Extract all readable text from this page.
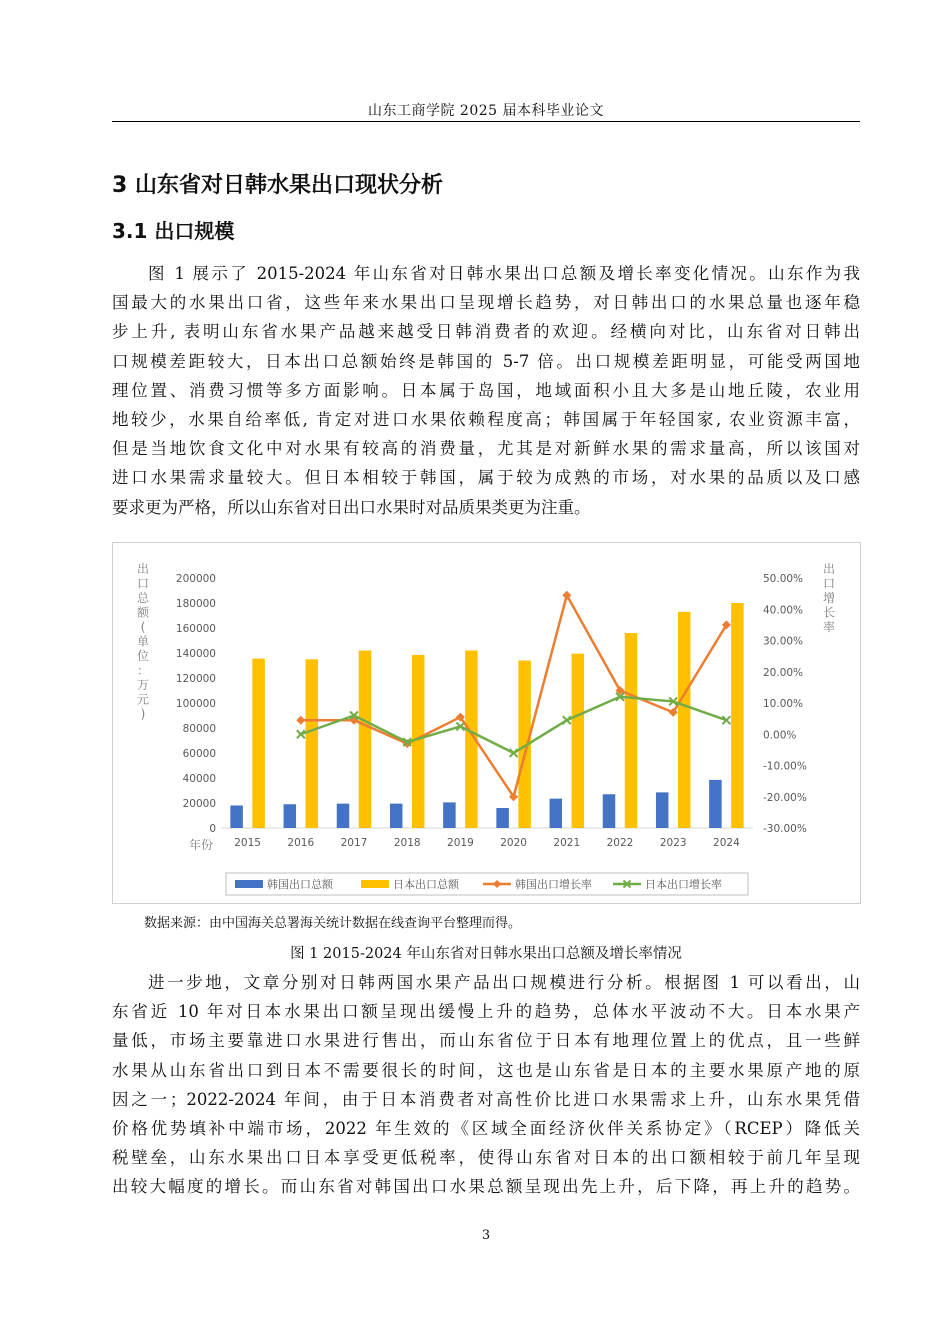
山东工商学院 2025 届本科毕业论文
3 山东省对日韩水果出口现状分析
3.1 出口规模
图 1 展示了 2015-2024 年山东省对日韩水果出口总额及增长率变化情况。山东作为我
国最大的水果出口省，这些年来水果出口呈现增长趋势，对日韩出口的水果总量也逐年稳
步上升, 表明山东省水果产品越来越受日韩消费者的欢迎。经横向对比，山东省对日韩出
口规模差距较大，日本出口总额始终是韩国的 5-7 倍。出口规模差距明显，可能受两国地
理位置、消费习惯等多方面影响。日本属于岛国，地域面积小且大多是山地丘陵，农业用
地较少，水果自给率低, 肯定对进口水果依赖程度高；韩国属于年轻国家, 农业资源丰富，
但是当地饮食文化中对水果有较高的消费量，尤其是对新鲜水果的需求量高，所以该国对
进口水果需求量较大。但日本相较于韩国，属于较为成熟的市场，对水果的品质以及口感
要求更为严格，所以山东省对日出口水果时对品质果类更为注重。
200000
180000
160000
140000
120000
100000
80000
60000
40000
20000
0
50.00%
40.00%
30.00%
20.00%
10.00%
0.00%
-10.00%
-20.00%
-30.00%
2015	2016	2017	2018	2019	2020	2021	2022	2023	2024
年份
出口总额(单位：万元)
出口增长率
韩国出口总额	日本出口总额	韩国出口增长率	日本出口增长率
数据来源：由中国海关总署海关统计数据在线查询平台整理而得。
图 1 2015-2024 年山东省对日韩水果出口总额及增长率情况
进一步地，文章分别对日韩两国水果产品出口规模进行分析。根据图 1 可以看出，山
东省近 10 年对日本水果出口额呈现出缓慢上升的趋势，总体水平波动不大。日本水果产
量低，市场主要靠进口水果进行售出，而山东省位于日本有地理位置上的优点，且一些鲜
水果从山东省出口到日本不需要很长的时间，这也是山东省是日本的主要水果原产地的原
因之一；2022-2024 年间，由于日本消费者对高性价比进口水果需求上升，山东水果凭借
价格优势填补中端市场，2022 年生效的《区域全面经济伙伴关系协定》（RCEP）降低关
税壁垒，山东水果出口日本享受更低税率，使得山东省对日本的出口额相较于前几年呈现
出较大幅度的增长。而山东省对韩国出口水果总额呈现出先上升，后下降，再上升的趋势。
3
